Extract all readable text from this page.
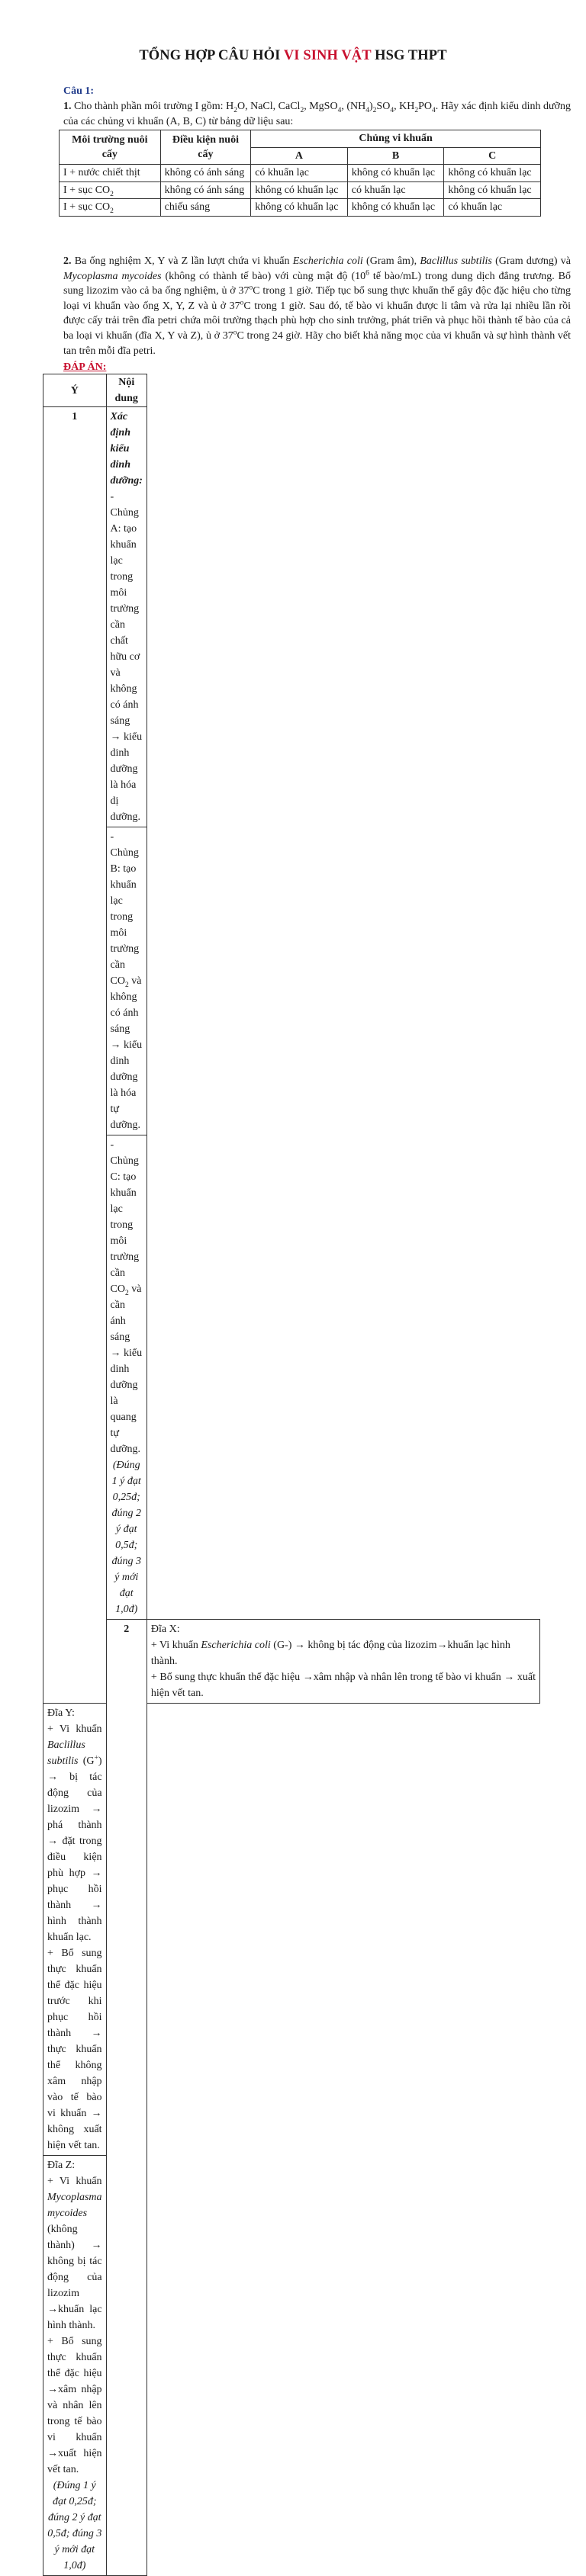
TỔNG HỢP CÂU HỎI VI SINH VẬT HSG THPT
Câu 1:
1. Cho thành phần môi trường I gồm: $H_2O$, NaCl, CaCl$_2$, MgSO$_4$, $(NH_4)_2SO_4$, $KH_2PO_4$. Hãy xác định kiểu dinh dưỡng của các chủng vi khuẩn (A, B, C) từ bảng dữ liệu sau:
Môi trường nuôi cấy	Điều kiện nuôi cấy	Chủng vi khuẩn		
		A	B	C
I + nước chiết thịt	không có ánh sáng	có khuẩn lạc	không có khuẩn lạc	không có khuẩn lạc
I + sục $CO_2$	không có ánh sáng	không có khuẩn lạc	có khuẩn lạc	không có khuẩn lạc
I + sục $CO_2$	chiếu sáng	không có khuẩn lạc	không có khuẩn lạc	có khuẩn lạc
2. Ba ống nghiệm X, Y và Z lần lượt chứa vi khuẩn Escherichia coli (Gram âm), Baclillus subtilis (Gram dương) và Mycoplasma mycoides (không có thành tế bào) với cùng mật độ ($10^6$ tế bào/mL) trong dung dịch đẳng trương. Bổ sung lizozim vào cả ba ống nghiệm, ủ ở 37$^o$C trong 1 giờ. Tiếp tục bổ sung thực khuẩn thể gây độc đặc hiệu cho từng loại vi khuẩn vào ống X, Y, Z và ủ ở 37$^o$C trong 1 giờ. Sau đó, tế bào vi khuẩn được li tâm và rửa lại nhiều lần rồi được cấy trải trên đĩa petri chứa môi trường thạch phù hợp cho sinh trưởng, phát triển và phục hồi thành tế bào của cả ba loại vi khuẩn (đĩa X, Y và Z), ủ ở 37$^o$C trong 24 giờ. Hãy cho biết khả năng mọc của vi khuẩn và sự hình thành vết tan trên mỗi đĩa petri.
ĐÁP ÁN:
Ý	Nội dung	
1	Xác định kiểu dinh dưỡng:
- Chủng A: tạo khuẩn lạc trong môi trường cần chất hữu cơ và không có ánh sáng → kiểu dinh dưỡng là hóa dị dưỡng.	

	- Chủng B: tạo khuẩn lạc trong môi trường cần $CO_2$ và không có ánh sáng → kiểu dinh dưỡng là hóa tự dưỡng.	
	- Chủng C: tạo khuẩn lạc trong môi trường cần $CO_2$ và cần ánh sáng → kiểu dinh dưỡng là quang tự dưỡng.
(Đúng 1 ý đạt 0,25đ; đúng 2 ý đạt 0,5đ; đúng 3 ý mới đạt 1,0đ)	

	2	Đĩa X:
+ Vi khuẩn Escherichia coli (G-) → không bị tác động của lizozim→khuẩn lạc hình thành.
+ Bổ sung thực khuẩn thể đặc hiệu →xâm nhập và nhân lên trong tế bào vi khuẩn → xuất hiện vết tan.

Đĩa Y:
+ Vi khuẩn Baclillus subtilis (G+) → bị tác động của lizozim → phá thành → đặt trong điều kiện phù hợp → phục hồi thành → hình thành khuẩn lạc.
+ Bổ sung thực khuẩn thể đặc hiệu trước khi phục hồi thành → thực khuẩn thể không xâm nhập vào tế bào vi khuẩn → không xuất hiện vết tan.		

Đĩa Z:
+ Vi khuẩn Mycoplasma mycoides (không thành) → không bị tác động của lizozim →khuẩn lạc hình thành.
+ Bổ sung thực khuẩn thể đặc hiệu →xâm nhập và nhân lên trong tế bào vi khuẩn →xuất hiện vết tan.
(Đúng 1 ý đạt 0,25đ; đúng 2 ý đạt 0,5đ; đúng 3 ý mới đạt 1,0đ)		
